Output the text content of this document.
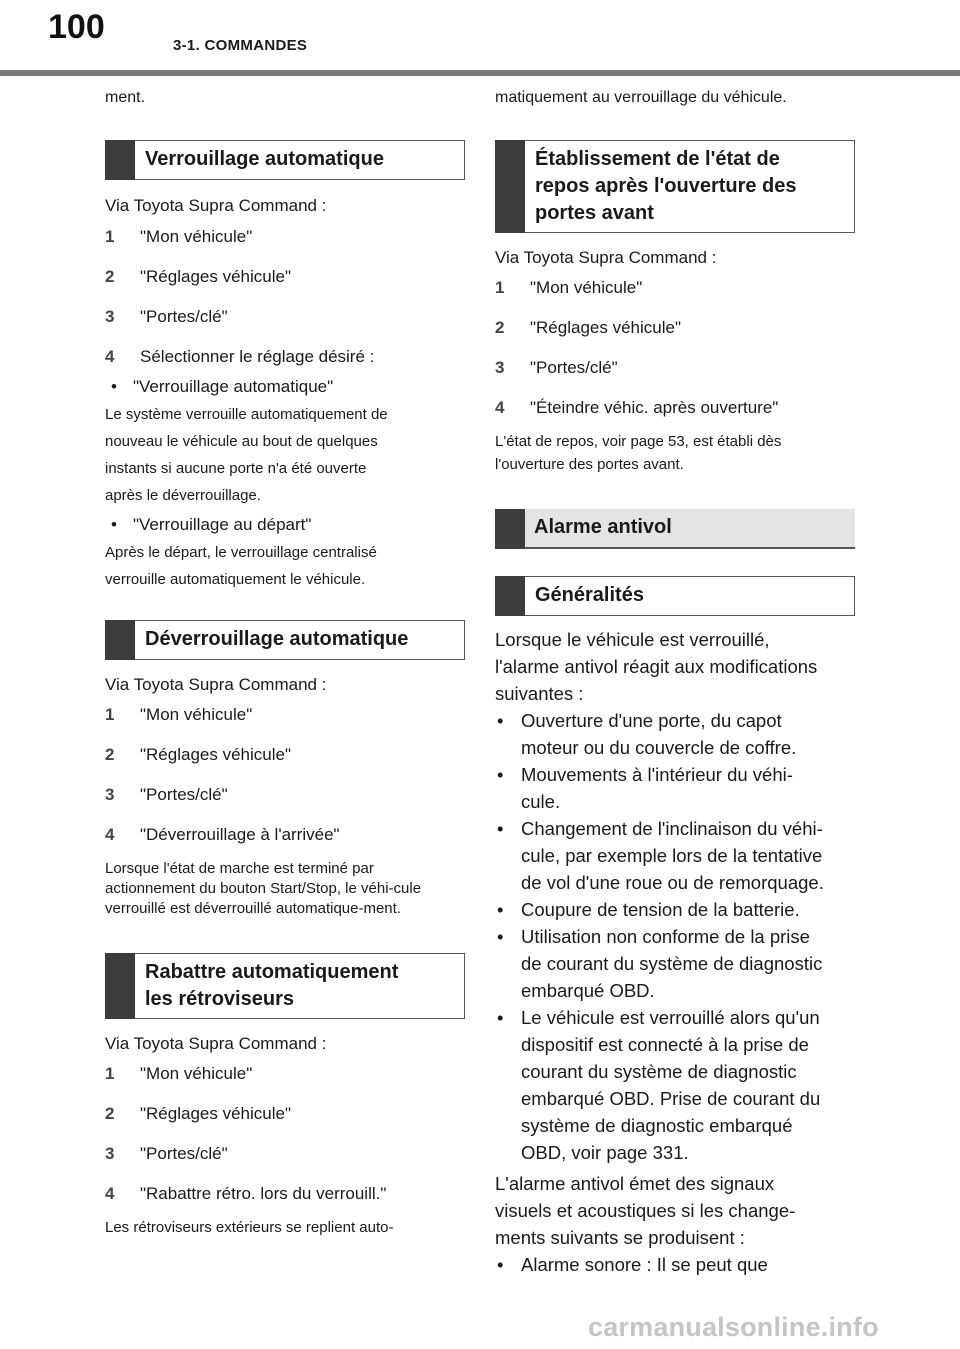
100	3-1. COMMANDES

ment.

Verrouillage automatique

Via Toyota Supra Command :

1 "Mon véhicule"

2 "Réglages véhicule"

3 "Portes/clé"

4 Sélectionner le réglage désiré :

• "Verrouillage automatique"

Le système verrouille automatiquement de

nouveau le véhicule au bout de quelques

instants si aucune porte n'a été ouverte

après le déverrouillage.

• "Verrouillage au départ"

Après le départ, le verrouillage centralisé

verrouille automatiquement le véhicule.

Déverrouillage automatique

Via Toyota Supra Command :

1 "Mon véhicule"

2 "Réglages véhicule"

3 "Portes/clé"

4 "Déverrouillage à l'arrivée"

Lorsque l'état de marche est terminé par actionnement du bouton Start/Stop, le véhi-cule verrouillé est déverrouillé automatique-ment.

Rabattre automatiquement
les rétroviseurs

Via Toyota Supra Command :

1 "Mon véhicule"

2 "Réglages véhicule"

3 "Portes/clé"

4 "Rabattre rétro. lors du verrouill."

Les rétroviseurs extérieurs se replient auto-

matiquement au verrouillage du véhicule.

Établissement de l'état de
repos après l'ouverture des
portes avant

Via Toyota Supra Command :

1 "Mon véhicule"

2 "Réglages véhicule"

3 "Portes/clé"

4 "Éteindre véhic. après ouverture"

L'état de repos, voir page 53, est établi dès

l'ouverture des portes avant.

Alarme antivol
Généralités

Lorsque le véhicule est verrouillé,

l'alarme antivol réagit aux modifications

suivantes :

• Ouverture d'une porte, du capot
moteur ou du couvercle de coffre.

• Mouvements à l'intérieur du véhi-
cule.

• Changement de l'inclinaison du véhi-
cule, par exemple lors de la tentative
de vol d'une roue ou de remorquage.

• Coupure de tension de la batterie.

• Utilisation non conforme de la prise
de courant du système de diagnostic
embarqué OBD.

• Le véhicule est verrouillé alors qu'un
dispositif est connecté à la prise de
courant du système de diagnostic
embarqué OBD. Prise de courant du
système de diagnostic embarqué
OBD, voir page 331.

L'alarme antivol émet des signaux

visuels et acoustiques si les change-

ments suivants se produisent :

• Alarme sonore : Il se peut que

carmanualsonline.info
